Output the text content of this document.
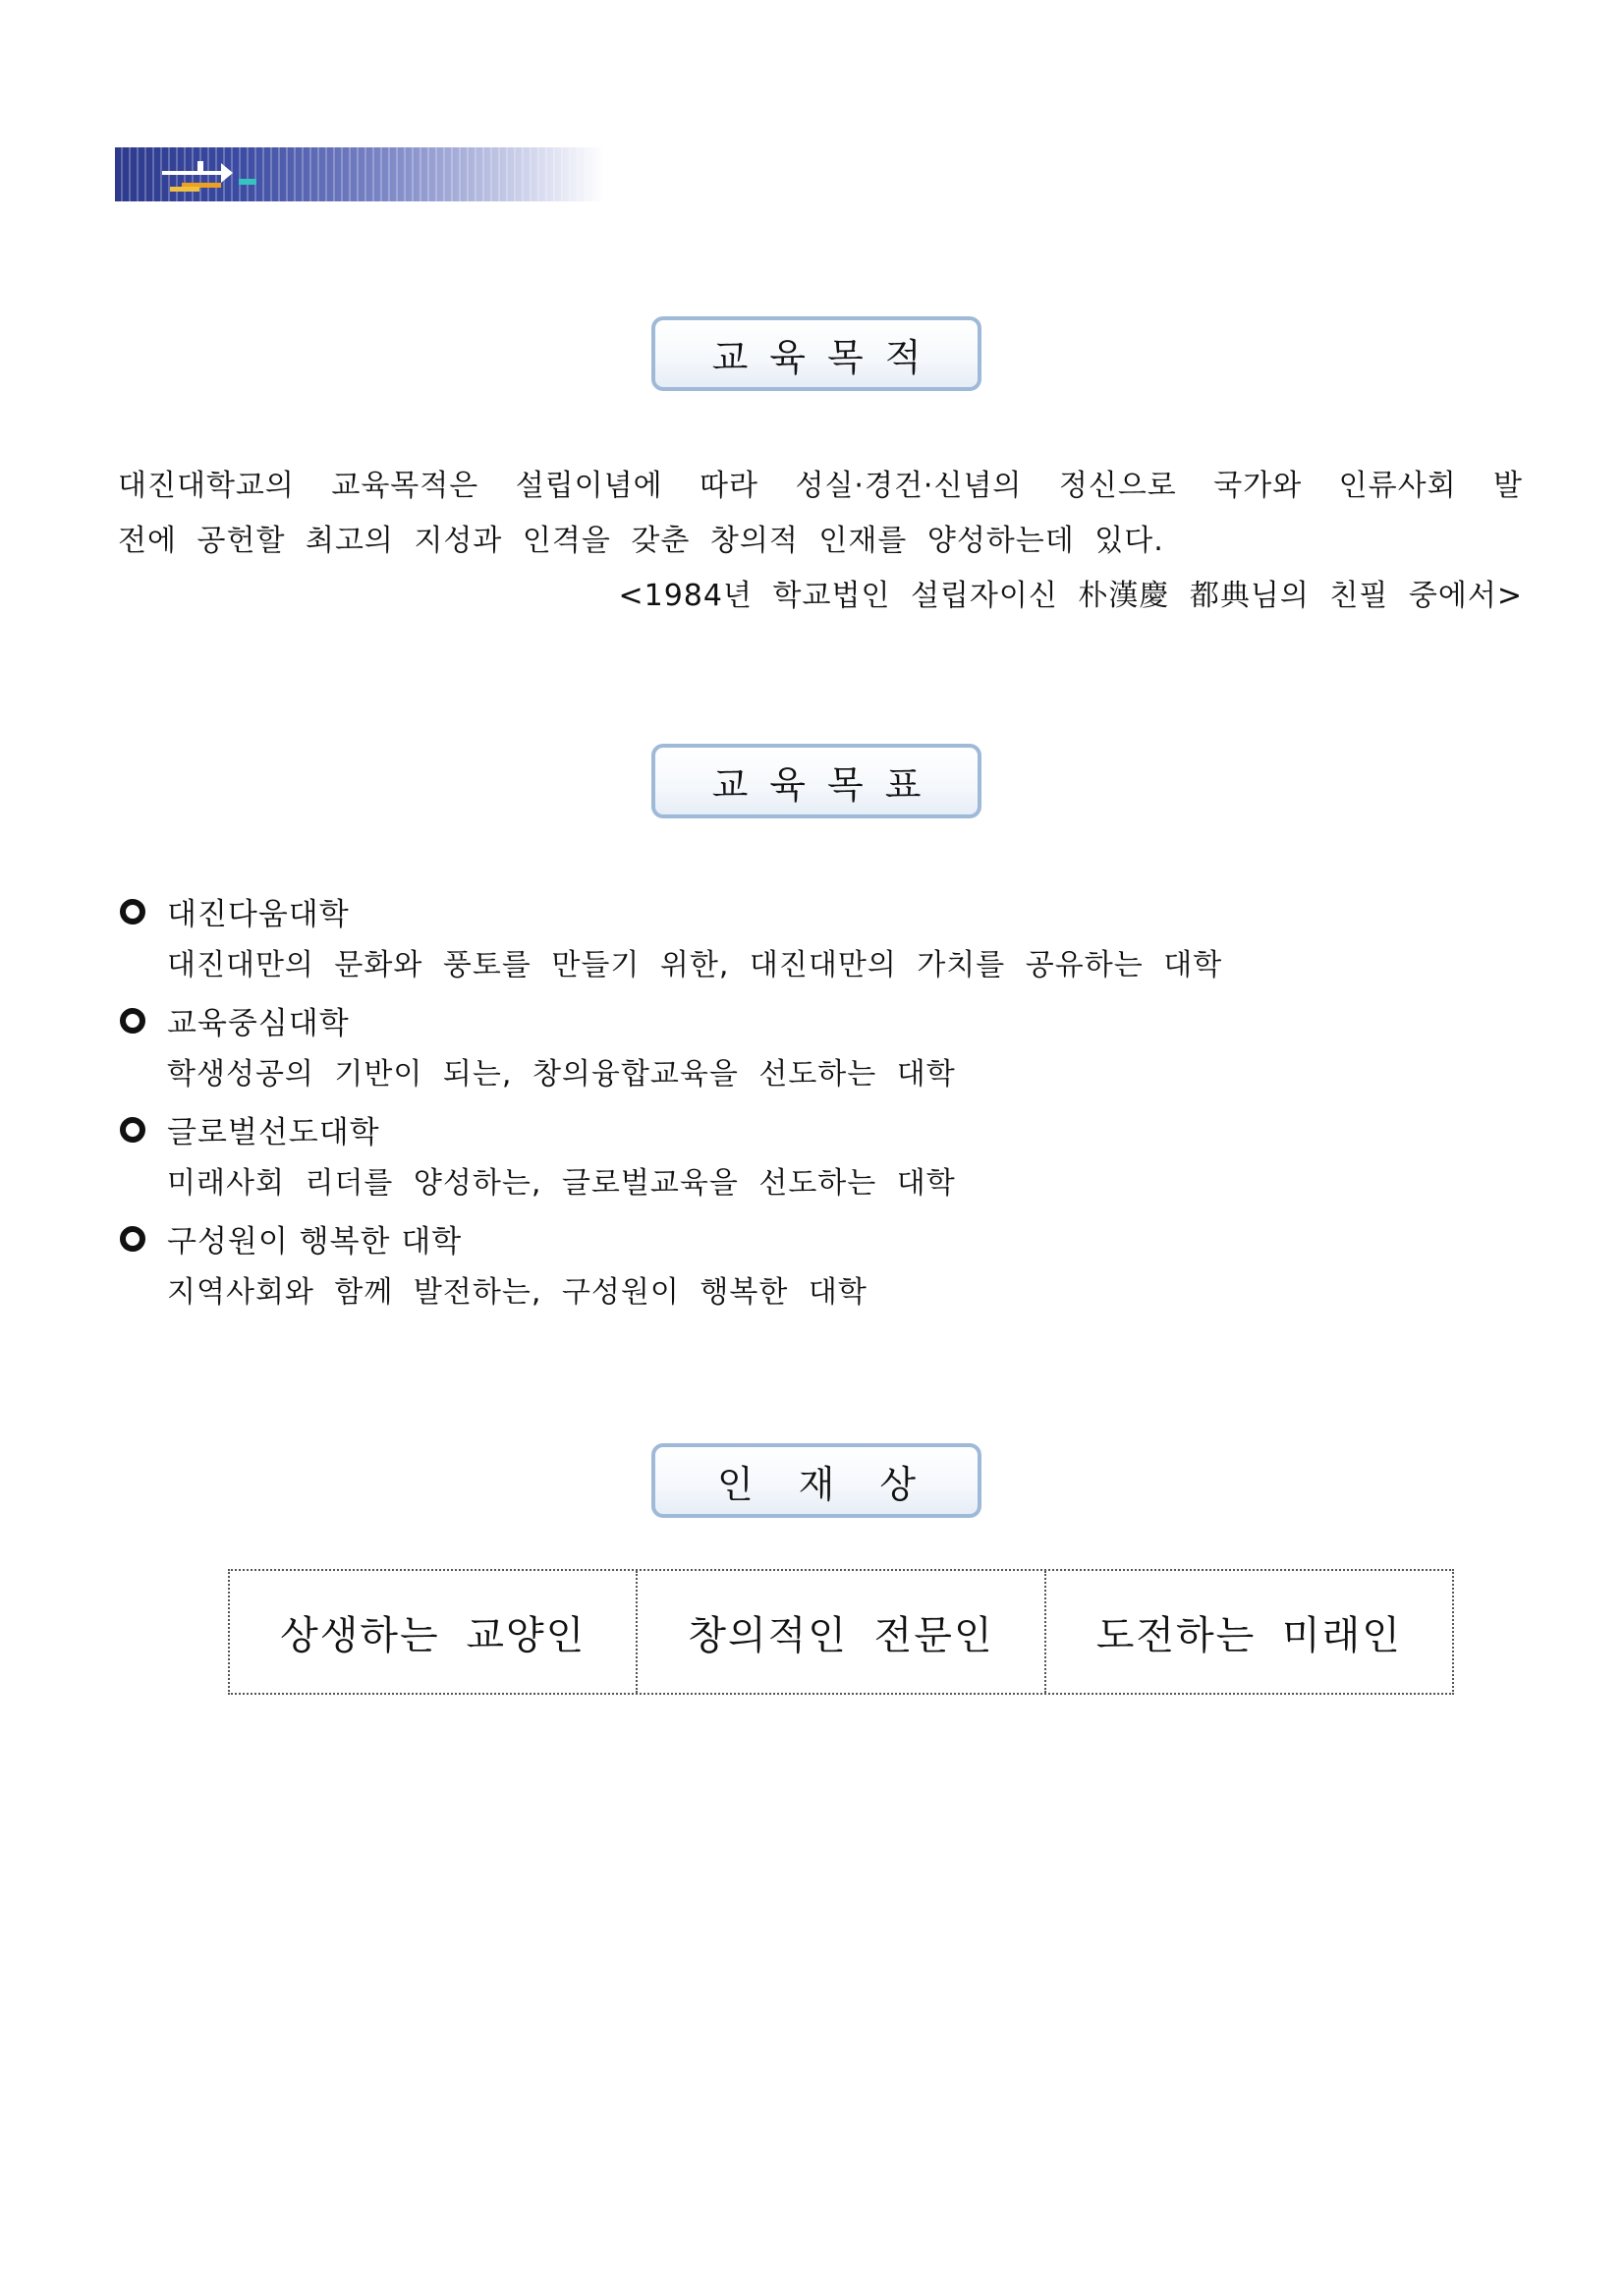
교육목적
대진대학교의 교육목적은 설립이념에 따라 성실·경건·신념의 정신으로 국가와 인류사회 발
전에 공헌할 최고의 지성과 인격을 갖춘 창의적 인재를 양성하는데 있다.
<1984년 학교법인 설립자이신 朴漢慶 都典님의 친필 중에서>
교육목표
대진다움대학
대진대만의 문화와 풍토를 만들기 위한, 대진대만의 가치를 공유하는 대학
교육중심대학
학생성공의 기반이 되는, 창의융합교육을 선도하는 대학
글로벌선도대학
미래사회 리더를 양성하는, 글로벌교육을 선도하는 대학
구성원이 행복한 대학
지역사회와 함께 발전하는, 구성원이 행복한 대학
인재상
상생하는 교양인	창의적인 전문인	도전하는 미래인
